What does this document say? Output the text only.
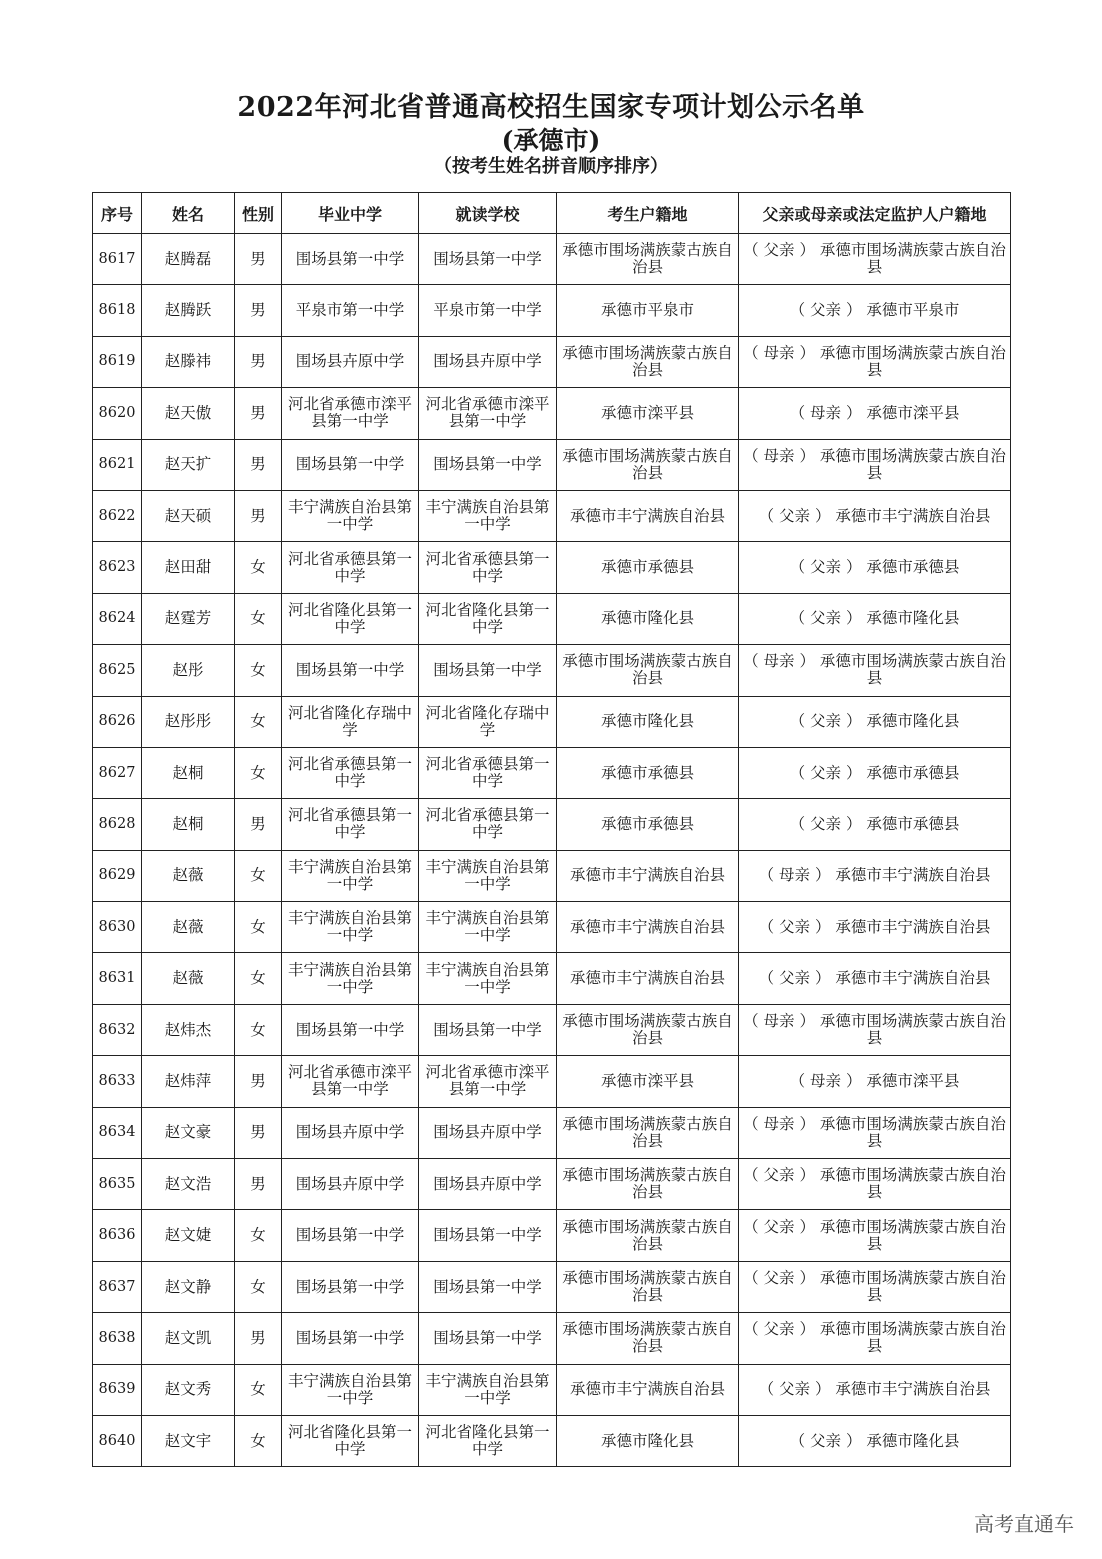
2022年河北省普通高校招生国家专项计划公示名单
(承德市)
（按考生姓名拼音顺序排序）
序号	姓名	性别	毕业中学	就读学校	考生户籍地	父亲或母亲或法定监护人户籍地
8617	赵腾磊	男	围场县第一中学	围场县第一中学	承德市围场满族蒙古族自治县	（ 父亲 ） 承德市围场满族蒙古族自治县
8618	赵腾跃	男	平泉市第一中学	平泉市第一中学	承德市平泉市	（ 父亲 ） 承德市平泉市
8619	赵滕祎	男	围场县卉原中学	围场县卉原中学	承德市围场满族蒙古族自治县	（ 母亲 ） 承德市围场满族蒙古族自治县
8620	赵天傲	男	河北省承德市滦平县第一中学	河北省承德市滦平县第一中学	承德市滦平县	（ 母亲 ） 承德市滦平县
8621	赵天扩	男	围场县第一中学	围场县第一中学	承德市围场满族蒙古族自治县	（ 母亲 ） 承德市围场满族蒙古族自治县
8622	赵天硕	男	丰宁满族自治县第一中学	丰宁满族自治县第一中学	承德市丰宁满族自治县	（ 父亲 ） 承德市丰宁满族自治县
8623	赵田甜	女	河北省承德县第一中学	河北省承德县第一中学	承德市承德县	（ 父亲 ） 承德市承德县
8624	赵霆芳	女	河北省隆化县第一中学	河北省隆化县第一中学	承德市隆化县	（ 父亲 ） 承德市隆化县
8625	赵彤	女	围场县第一中学	围场县第一中学	承德市围场满族蒙古族自治县	（ 母亲 ） 承德市围场满族蒙古族自治县
8626	赵彤彤	女	河北省隆化存瑞中学	河北省隆化存瑞中学	承德市隆化县	（ 父亲 ） 承德市隆化县
8627	赵桐	女	河北省承德县第一中学	河北省承德县第一中学	承德市承德县	（ 父亲 ） 承德市承德县
8628	赵桐	男	河北省承德县第一中学	河北省承德县第一中学	承德市承德县	（ 父亲 ） 承德市承德县
8629	赵薇	女	丰宁满族自治县第一中学	丰宁满族自治县第一中学	承德市丰宁满族自治县	（ 母亲 ） 承德市丰宁满族自治县
8630	赵薇	女	丰宁满族自治县第一中学	丰宁满族自治县第一中学	承德市丰宁满族自治县	（ 父亲 ） 承德市丰宁满族自治县
8631	赵薇	女	丰宁满族自治县第一中学	丰宁满族自治县第一中学	承德市丰宁满族自治县	（ 父亲 ） 承德市丰宁满族自治县
8632	赵炜杰	女	围场县第一中学	围场县第一中学	承德市围场满族蒙古族自治县	（ 母亲 ） 承德市围场满族蒙古族自治县
8633	赵炜萍	男	河北省承德市滦平县第一中学	河北省承德市滦平县第一中学	承德市滦平县	（ 母亲 ） 承德市滦平县
8634	赵文豪	男	围场县卉原中学	围场县卉原中学	承德市围场满族蒙古族自治县	（ 母亲 ） 承德市围场满族蒙古族自治县
8635	赵文浩	男	围场县卉原中学	围场县卉原中学	承德市围场满族蒙古族自治县	（ 父亲 ） 承德市围场满族蒙古族自治县
8636	赵文婕	女	围场县第一中学	围场县第一中学	承德市围场满族蒙古族自治县	（ 父亲 ） 承德市围场满族蒙古族自治县
8637	赵文静	女	围场县第一中学	围场县第一中学	承德市围场满族蒙古族自治县	（ 父亲 ） 承德市围场满族蒙古族自治县
8638	赵文凯	男	围场县第一中学	围场县第一中学	承德市围场满族蒙古族自治县	（ 父亲 ） 承德市围场满族蒙古族自治县
8639	赵文秀	女	丰宁满族自治县第一中学	丰宁满族自治县第一中学	承德市丰宁满族自治县	（ 父亲 ） 承德市丰宁满族自治县
8640	赵文宇	女	河北省隆化县第一中学	河北省隆化县第一中学	承德市隆化县	（ 父亲 ） 承德市隆化县
高考直通车
